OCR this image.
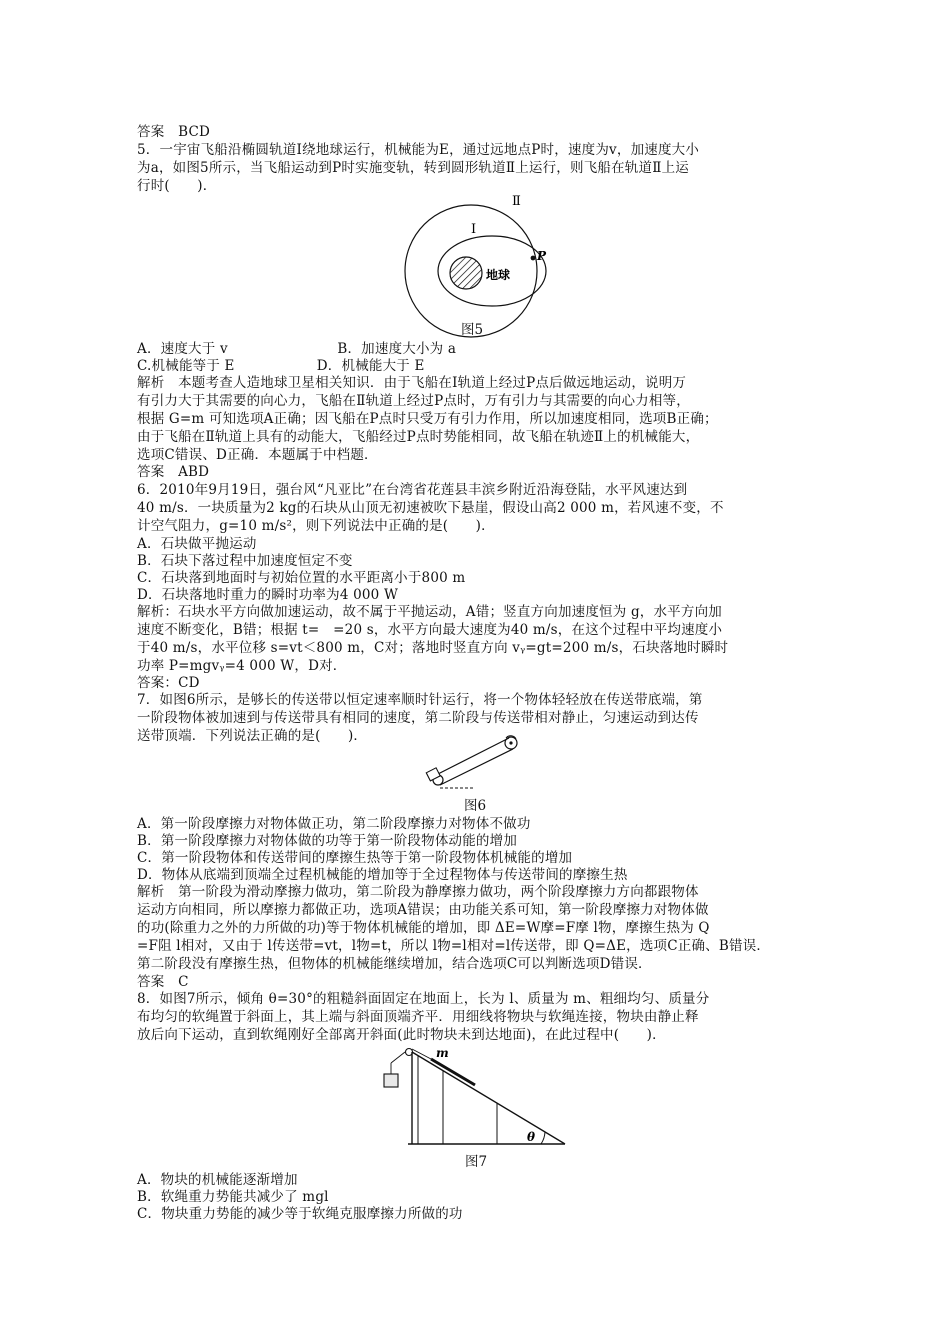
答案　BCD
5．一宇宙飞船沿椭圆轨道Ⅰ绕地球运行，机械能为E，通过远地点P时，速度为v，加速度大小
为a，如图5所示，当飞船运动到P时实施变轨，转到圆形轨道Ⅱ上运行，则飞船在轨道Ⅱ上运
行时(　　)．
Ⅰ
Ⅱ
地球
P
图5
A．速度大于 v　　　　　　　　B．加速度大小为 a
C.机械能等于 E　　　　　　D．机械能大于 E
解析　本题考查人造地球卫星相关知识．由于飞船在Ⅰ轨道上经过P点后做远地运动，说明万
有引力大于其需要的向心力，飞船在Ⅱ轨道上经过P点时，万有引力与其需要的向心力相等，
根据 G=m 可知选项A正确；因飞船在P点时只受万有引力作用，所以加速度相同，选项B正确；
由于飞船在Ⅱ轨道上具有的动能大，飞船经过P点时势能相同，故飞船在轨迹Ⅱ上的机械能大，
选项C错误、D正确．本题属于中档题．
答案　ABD
6．2010年9月19日，强台风“凡亚比”在台湾省花莲县丰滨乡附近沿海登陆，水平风速达到
40 m/s．一块质量为2 kg的石块从山顶无初速被吹下悬崖，假设山高2 000 m，若风速不变，不
计空气阻力，g=10 m/s²，则下列说法中正确的是(　　)．
A．石块做平抛运动
B．石块下落过程中加速度恒定不变
C．石块落到地面时与初始位置的水平距离小于800 m
D．石块落地时重力的瞬时功率为4 000 W
解析：石块水平方向做加速运动，故不属于平抛运动，A错；竖直方向加速度恒为 g，水平方向加
速度不断变化，B错；根据 t=　=20 s，水平方向最大速度为40 m/s，在这个过程中平均速度小
于40 m/s，水平位移 s=vt＜800 m，C对；落地时竖直方向 vᵧ=gt=200 m/s，石块落地时瞬时
功率 P=mgvᵧ=4 000 W，D对．
答案：CD
7．如图6所示，是够长的传送带以恒定速率顺时针运行，将一个物体轻轻放在传送带底端，第
一阶段物体被加速到与传送带具有相同的速度，第二阶段与传送带相对静止，匀速运动到达传
送带顶端．下列说法正确的是(　　)．
图6
A．第一阶段摩擦力对物体做正功，第二阶段摩擦力对物体不做功
B．第一阶段摩擦力对物体做的功等于第一阶段物体动能的增加
C．第一阶段物体和传送带间的摩擦生热等于第一阶段物体机械能的增加
D．物体从底端到顶端全过程机械能的增加等于全过程物体与传送带间的摩擦生热
解析　第一阶段为滑动摩擦力做功，第二阶段为静摩擦力做功，两个阶段摩擦力方向都跟物体
运动方向相同，所以摩擦力都做正功，选项A错误；由功能关系可知，第一阶段摩擦力对物体做
的功(除重力之外的力所做的功)等于物体机械能的增加，即 ΔE=W摩=F摩 l物，摩擦生热为 Q
=F阻 l相对，又由于 l传送带=vt，l物=t，所以 l物=l相对=l传送带，即 Q=ΔE，选项C正确、B错误．
第二阶段没有摩擦生热，但物体的机械能继续增加，结合选项C可以判断选项D错误．
答案　C
8．如图7所示，倾角 θ=30°的粗糙斜面固定在地面上，长为 l、质量为 m、粗细均匀、质量分
布均匀的软绳置于斜面上，其上端与斜面顶端齐平．用细线将物块与软绳连接，物块由静止释
放后向下运动，直到软绳刚好全部离开斜面(此时物块未到达地面)，在此过程中(　　)．
m
θ
图7
A．物块的机械能逐渐增加
B．软绳重力势能共减少了 mgl
C．物块重力势能的减少等于软绳克服摩擦力所做的功
